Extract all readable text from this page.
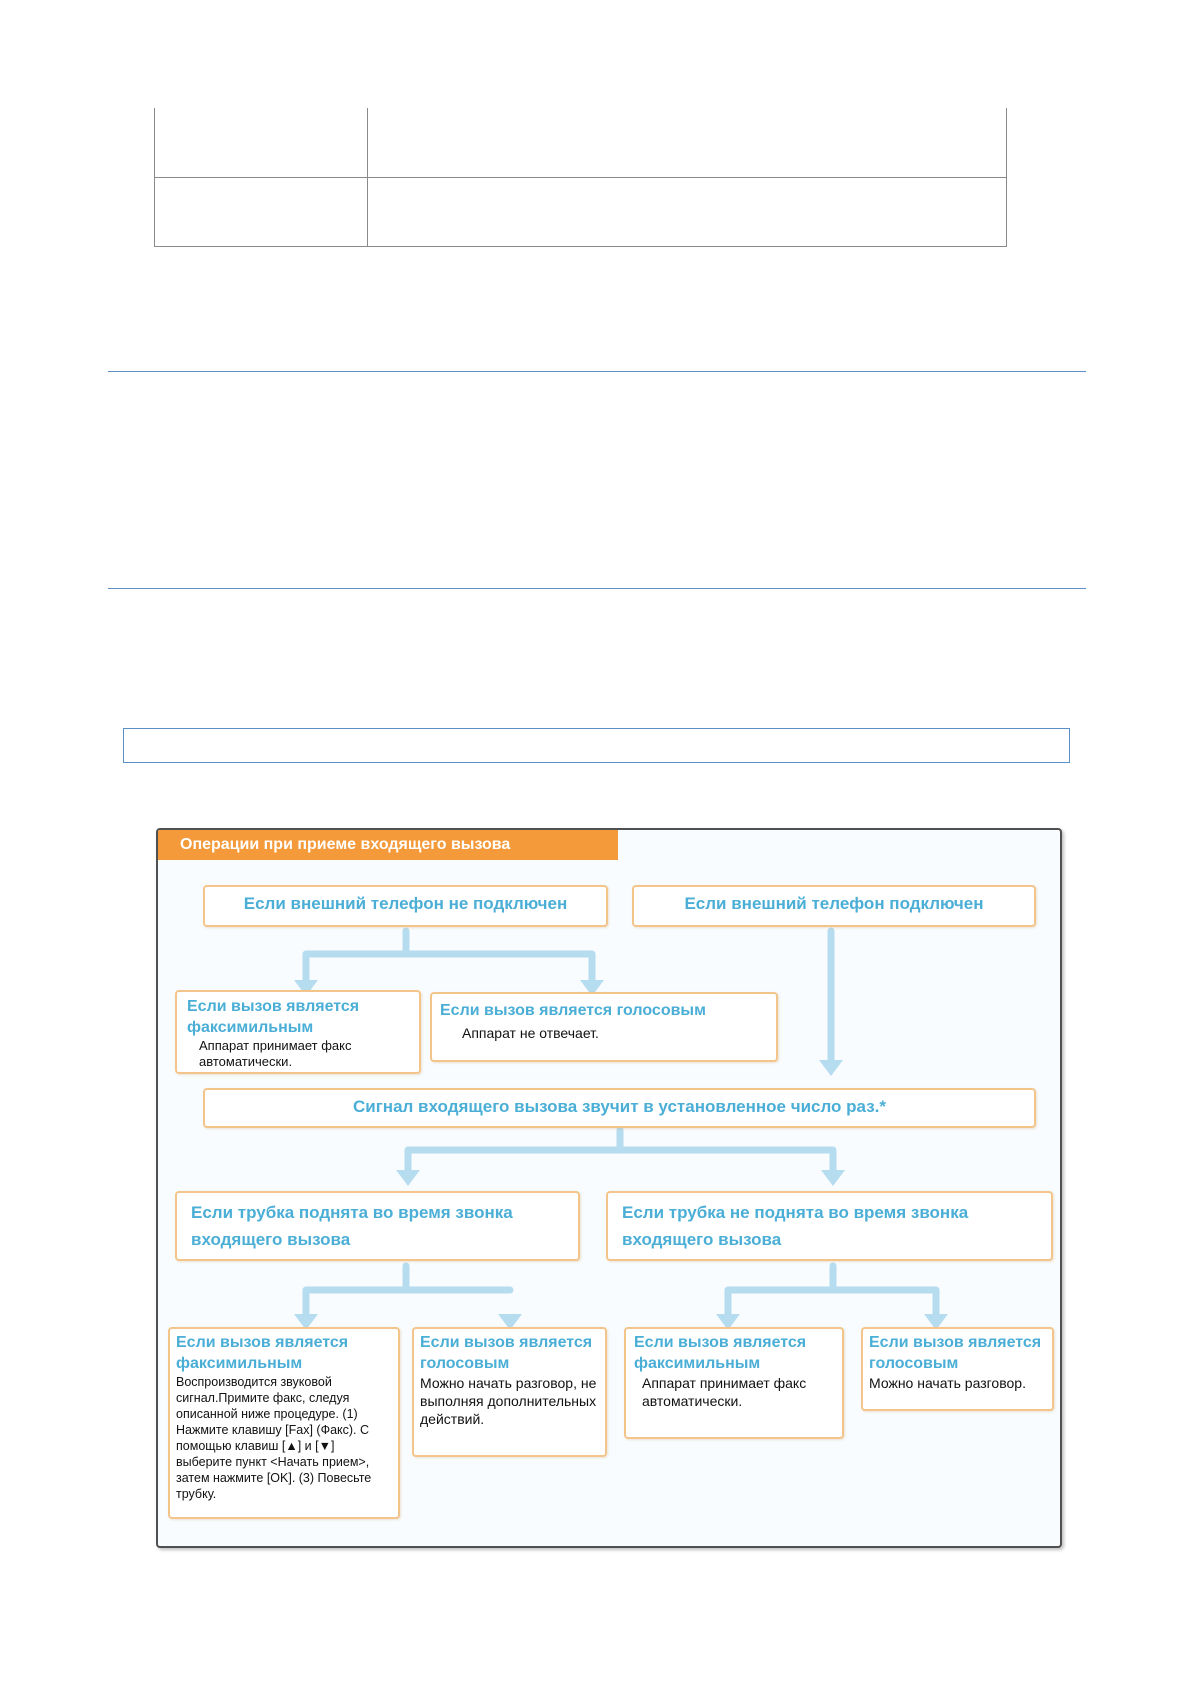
Операции при приеме входящего вызова
Если внешний телефон не подключен	Если внешний телефон подключен
Если вызов является факсимильным
Аппарат принимает факс автоматически.
Если вызов является голосовым
Аппарат не отвечает.
Сигнал входящего вызова звучит в установленное число раз.*
Если трубка поднята во время звонка входящего вызова
Если трубка не поднята во время звонка входящего вызова
Если вызов является факсимильным
Воспроизводится звуковой сигнал.Примите факс, следуя описанной ниже процедуре. (1) Нажмите клавишу [Fax] (Факс). С помощью клавиш [▲] и [▼] выберите пункт <Начать прием>, затем нажмите [OK]. (3) Повесьте трубку.
Если вызов является голосовым
Можно начать разговор, не выполняя дополнительных действий.
Если вызов является факсимильным
Аппарат принимает факс автоматически.
Если вызов является голосовым
Можно начать разговор.
